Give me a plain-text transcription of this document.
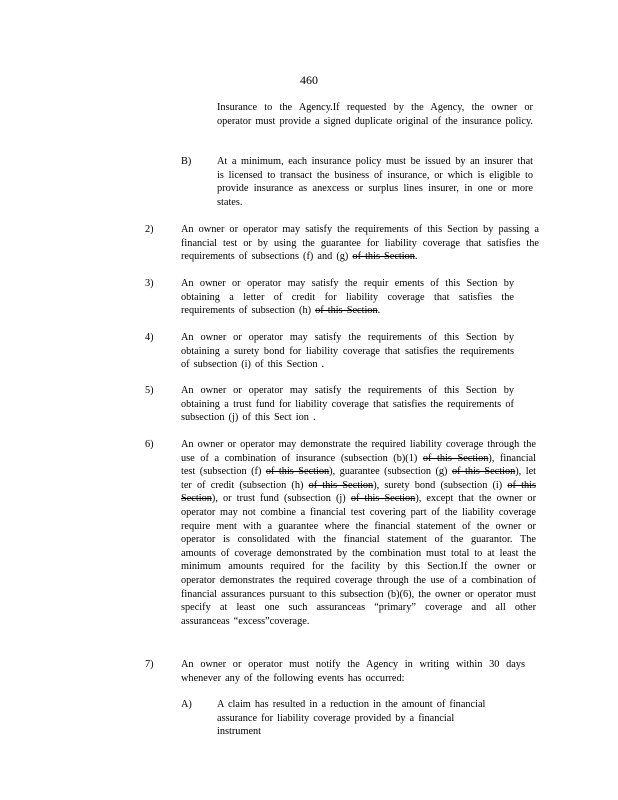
460
Insurance to the Agency.If requested by the Agency, the owner or operator must provide a signed duplicate original of the insurance policy.
B) At a minimum, each insurance policy must be issued by an insurer that is licensed to transact the business of insurance, or which is eligible to provide insurance as anexcess or surplus lines insurer, in one or more states.
2)	An owner or operator may satisfy the requirements of this Section by passing a financial test or by using the guarantee for liability coverage that satisfies the requirements of subsections (f) and (g) of this Section.
3)	An owner or operator may satisfy the requir ements of this Section by obtaining a letter of credit for liability coverage that satisfies the requirements of subsection (h) of this Section.
4)	An owner or operator may satisfy the requirements of this Section by obtaining a surety bond for liability coverage that satisfies the requirements of subsection (i) of this Section .
5)	An owner or operator may satisfy the requirements of this Section by obtaining a trust fund for liability coverage that satisfies the requirements of subsection (j) of this Sect ion .
6)	An owner or operator may demonstrate the required liability coverage through the use of a combination of insurance (subsection (b)(1) of this Section), financial test (subsection (f) of this Section), guarantee (subsection (g) of this Section), let ter of credit (subsection (h) of this Section), surety bond (subsection (i) of this Section), or trust fund (subsection (j) of this Section), except that the owner or operator may not combine a financial test covering part of the liability coverage require ment with a guarantee where the financial statement of the owner or operator is consolidated with the financial statement of the guarantor. The amounts of coverage demonstrated by the combination must total to at least the minimum amounts required for the facility by this Section.If the owner or operator demonstrates the required coverage through the use of a combination of financial assurances pursuant to this subsection (b)(6), the owner or operator must specify at least one such assuranceas “primary” coverage and all other assuranceas “excess”coverage.
7)	An owner or operator must notify the Agency in writing within 30 days whenever any of the following events has occurred:
A) A claim has resulted in a reduction in the amount of financial assurance for liability coverage provided by a financial instrument
